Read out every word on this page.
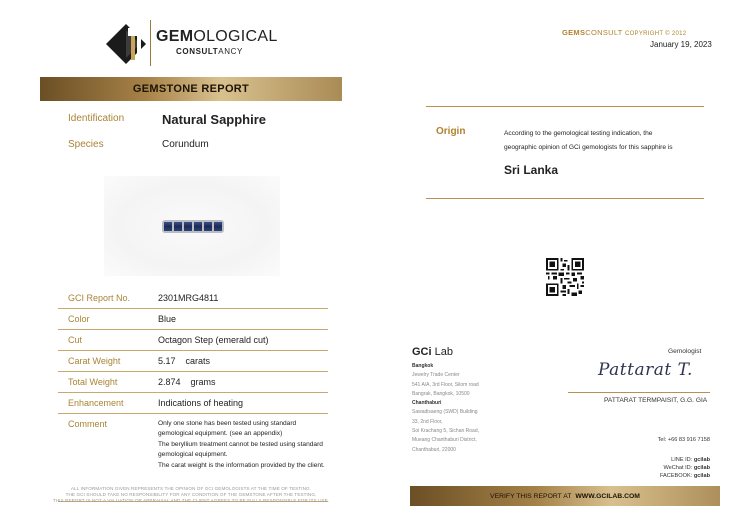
GEMOLOGICAL
CONSULTANCY
GEMSTONE REPORT
Identification	Natural Sapphire
Species	Corundum
GCI Report No.	2301MRG4811
Color	Blue
Cut	Octagon Step (emerald cut)
Carat Weight	5.17 carats
Total Weight	2.874 grams
Enhancement	Indications of heating
Comment	Only one stone has been tested using standard
gemological equipment. (see an appendix)
The beryllium treatment cannot be tested using standard
gemological equipment.
The carat weight is the information provided by the client.
ALL INFORMATION GIVEN REPRESENTS THE OPINION OF GCI GEMOLOGISTS AT THE TIME OF TESTING.
THE GCI SHOULD TAKE NO RESPONSIBILITY FOR ANY CONDITION OF THE GEMSTONE AFTER THE TESTING.
THIS REPORT IS NOT A VALUATION OR APPRAISAL AND THE CLIENT AGREES TO BE FULLY RESPONSIBLE FOR ITS USE.
GEMSCONSULT COPYRIGHT © 2012
January 19, 2023
Origin	According to the gemological testing indication, the
geographic opinion of GCi gemologists for this sapphire is
Sri Lanka
GCi Lab
Bangkok
Jewelry Trade Center
541 A/A, 3rd Floor, Silom road
Bangrak, Bangkok, 10500
Chanthaburi
Sawadisaeng (SWD) Building
33, 2nd Floor,
Soi Krachang 5, Sichan Road,
Mueang Chanthaburi District,
Chanthaburi, 22000
Gemologist
Pattarat T.
PATTARAT TERMPAISIT, G.G. GIA
Tel: +66 83 916 7158
LINE ID: gcilab
WeChat ID: gcilab
FACEBOOK: gcilab
VERIFY THIS REPORT AT WWW.GCILAB.COM
